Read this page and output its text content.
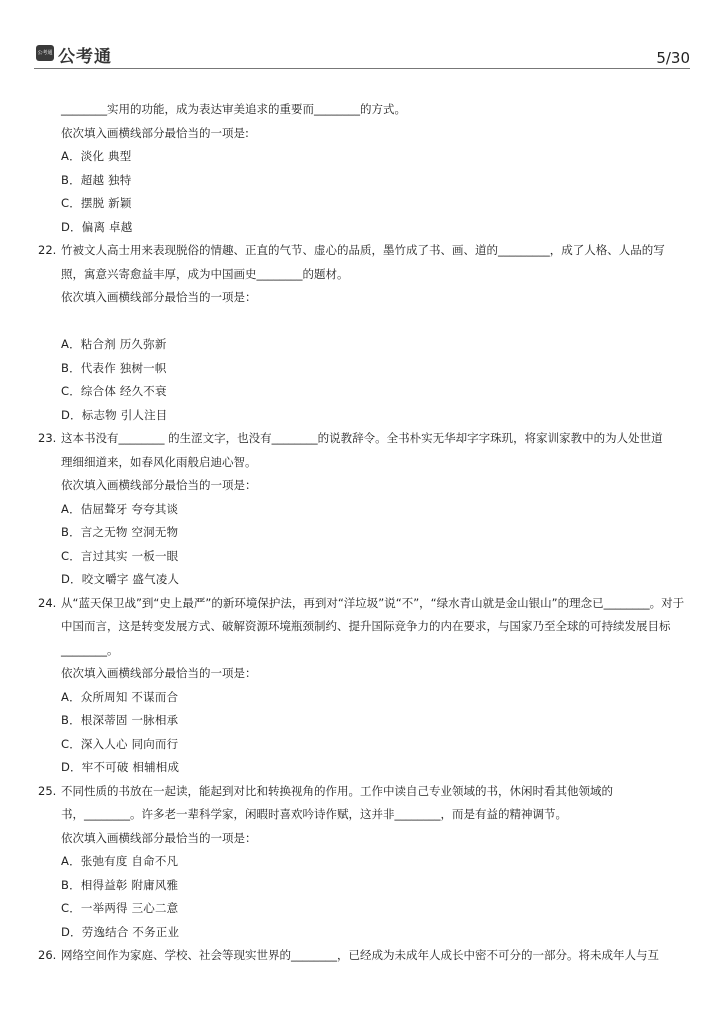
公考通 公考通	5/30
________实用的功能，成为表达审美追求的重要而________的方式。
依次填入画横线部分最恰当的一项是:
A．淡化 典型
B．超越 独特
C．摆脱 新颖
D．偏离 卓越
22. 竹被文人高士用来表现脱俗的情趣、正直的气节、虚心的品质，墨竹成了书、画、道的_________，成了人格、人品的写
照，寓意兴寄愈益丰厚，成为中国画史________的题材。
依次填入画横线部分最恰当的一项是：
A．粘合剂 历久弥新
B．代表作 独树一帜
C．综合体 经久不衰
D．标志物 引人注目
23. 这本书没有________ 的生涩文字，也没有________的说教辞令。全书朴实无华却字字珠玑，将家训家教中的为人处世道
理细细道来，如春风化雨般启迪心智。
依次填入画横线部分最恰当的一项是：
A．佶屈聱牙 夸夸其谈
B．言之无物 空洞无物
C．言过其实 一板一眼
D．咬文嚼字 盛气凌人
24. 从“蓝天保卫战”到“史上最严”的新环境保护法，再到对“洋垃圾”说“不”，“绿水青山就是金山银山”的理念已________。对于
中国而言，这是转变发展方式、破解资源环境瓶颈制约、提升国际竞争力的内在要求，与国家乃至全球的可持续发展目标
________。
依次填入画横线部分最恰当的一项是：
A．众所周知 不谋而合
B．根深蒂固 一脉相承
C．深入人心 同向而行
D．牢不可破 相辅相成
25. 不同性质的书放在一起读，能起到对比和转换视角的作用。工作中读自己专业领域的书，休闲时看其他领域的
书，________。许多老一辈科学家，闲暇时喜欢吟诗作赋，这并非________，而是有益的精神调节。
依次填入画横线部分最恰当的一项是：
A．张弛有度 自命不凡
B．相得益彰 附庸风雅
C．一举两得 三心二意
D．劳逸结合 不务正业
26. 网络空间作为家庭、学校、社会等现实世界的________，已经成为未成年人成长中密不可分的一部分。将未成年人与互
